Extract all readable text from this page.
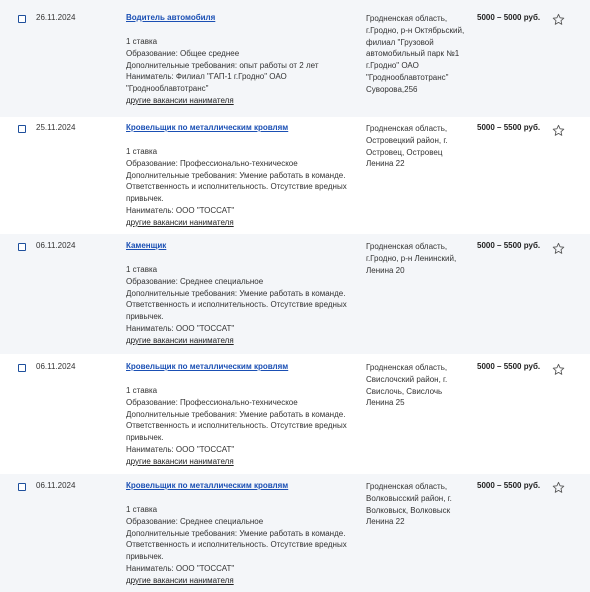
26.11.2024	Водитель автомобиля
1 ставка
Образование: Общее среднее
Дополнительные требования: опыт работы от 2 лет
Наниматель: Филиал "ГАП-1 г.Гродно" ОАО "Гроднооблавтотранс"
другие вакансии нанимателя
Гродненская область, г.Гродно, р-н Октябрьский, филиал "Грузовой автомобильный парк №1 г.Гродно" ОАО "Гроднооблавтотранс" Суворова,256
5000 – 5000 руб.
25.11.2024	Кровельщик по металлическим кровлям
1 ставка
Образование: Профессионально-техническое
Дополнительные требования: Умение работать в команде. Ответственность и исполнительность. Отсутствие вредных привычек.
Наниматель: ООО "ТОССАТ"
другие вакансии нанимателя
Гродненская область, Островецкий район, г. Островец, Островец Ленина 22
5000 – 5500 руб.
06.11.2024	Каменщик
1 ставка
Образование: Среднее специальное
Дополнительные требования: Умение работать в команде. Ответственность и исполнительность. Отсутствие вредных привычек.
Наниматель: ООО "ТОССАТ"
другие вакансии нанимателя
Гродненская область, г.Гродно, р-н Ленинский, Ленина 20
5000 – 5500 руб.
06.11.2024	Кровельщик по металлическим кровлям
1 ставка
Образование: Профессионально-техническое
Дополнительные требования: Умение работать в команде. Ответственность и исполнительность. Отсутствие вредных привычек.
Наниматель: ООО "ТОССАТ"
другие вакансии нанимателя
Гродненская область, Свислочский район, г. Свислочь, Свислочь Ленина 25
5000 – 5500 руб.
06.11.2024	Кровельщик по металлическим кровлям
1 ставка
Образование: Среднее специальное
Дополнительные требования: Умение работать в команде. Ответственность и исполнительность. Отсутствие вредных привычек.
Наниматель: ООО "ТОССАТ"
другие вакансии нанимателя
Гродненская область, Волковысский район, г. Волковыск, Волковыск Ленина 22
5000 – 5500 руб.
